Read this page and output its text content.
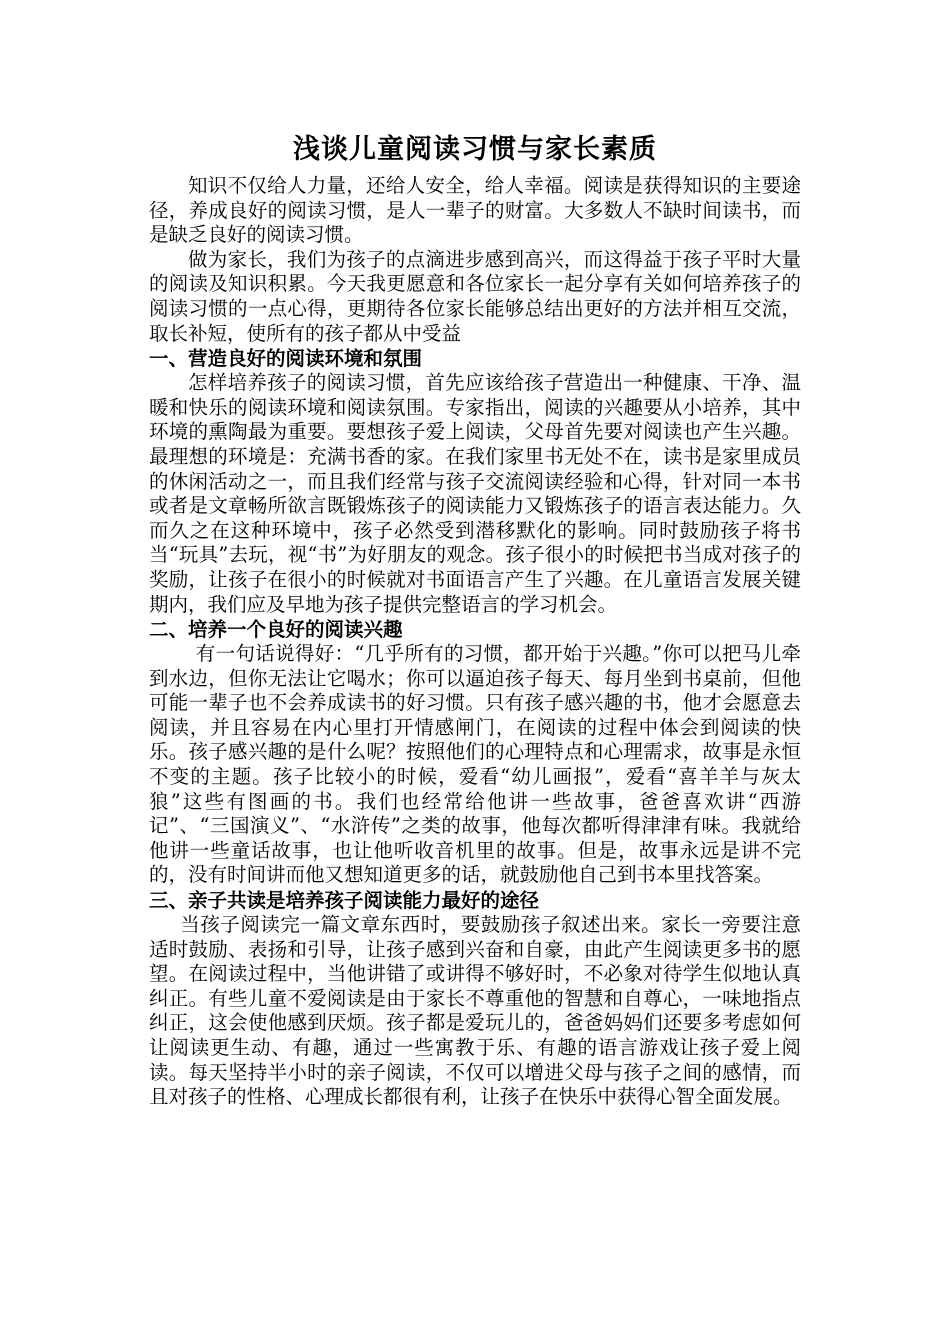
浅谈儿童阅读习惯与家长素质

知识不仅给人力量，还给人安全，给人幸福。阅读是获得知识的主要途径，养成良好的阅读习惯，是人一辈子的财富。大多数人不缺时间读书，而是缺乏良好的阅读习惯。

做为家长，我们为孩子的点滴进步感到高兴，而这得益于孩子平时大量的阅读及知识积累。今天我更愿意和各位家长一起分享有关如何培养孩子的阅读习惯的一点心得，更期待各位家长能够总结出更好的方法并相互交流，取长补短，使所有的孩子都从中受益

一、营造良好的阅读环境和氛围

怎样培养孩子的阅读习惯，首先应该给孩子营造出一种健康、干净、温暖和快乐的阅读环境和阅读氛围。专家指出，阅读的兴趣要从小培养，其中环境的熏陶最为重要。要想孩子爱上阅读，父母首先要对阅读也产生兴趣。最理想的环境是：充满书香的家。在我们家里书无处不在，读书是家里成员的休闲活动之一，而且我们经常与孩子交流阅读经验和心得，针对同一本书或者是文章畅所欲言既锻炼孩子的阅读能力又锻炼孩子的语言表达能力。久而久之在这种环境中，孩子必然受到潜移默化的影响。同时鼓励孩子将书当“玩具”去玩，视“书”为好朋友的观念。孩子很小的时候把书当成对孩子的奖励，让孩子在很小的时候就对书面语言产生了兴趣。在儿童语言发展关键期内，我们应及早地为孩子提供完整语言的学习机会。

二、培养一个良好的阅读兴趣

有一句话说得好：“几乎所有的习惯，都开始于兴趣。”你可以把马儿牵到水边，但你无法让它喝水；你可以逼迫孩子每天、每月坐到书桌前，但他可能一辈子也不会养成读书的好习惯。只有孩子感兴趣的书，他才会愿意去阅读，并且容易在内心里打开情感闸门，在阅读的过程中体会到阅读的快乐。孩子感兴趣的是什么呢？按照他们的心理特点和心理需求，故事是永恒不变的主题。孩子比较小的时候，爱看“幼儿画报”，爱看“喜羊羊与灰太狼”这些有图画的书。我们也经常给他讲一些故事，爸爸喜欢讲“西游记”、“三国演义”、“水浒传”之类的故事，他每次都听得津津有味。我就给他讲一些童话故事，也让他听收音机里的故事。但是，故事永远是讲不完的，没有时间讲而他又想知道更多的话，就鼓励他自己到书本里找答案。

三、亲子共读是培养孩子阅读能力最好的途径

当孩子阅读完一篇文章东西时，要鼓励孩子叙述出来。家长一旁要注意适时鼓励、表扬和引导，让孩子感到兴奋和自豪，由此产生阅读更多书的愿望。在阅读过程中，当他讲错了或讲得不够好时，不必象对待学生似地认真纠正。有些儿童不爱阅读是由于家长不尊重他的智慧和自尊心，一味地指点纠正，这会使他感到厌烦。孩子都是爱玩儿的，爸爸妈妈们还要多考虑如何让阅读更生动、有趣，通过一些寓教于乐、有趣的语言游戏让孩子爱上阅读。每天坚持半小时的亲子阅读，不仅可以增进父母与孩子之间的感情，而且对孩子的性格、心理成长都很有利，让孩子在快乐中获得心智全面发展。
